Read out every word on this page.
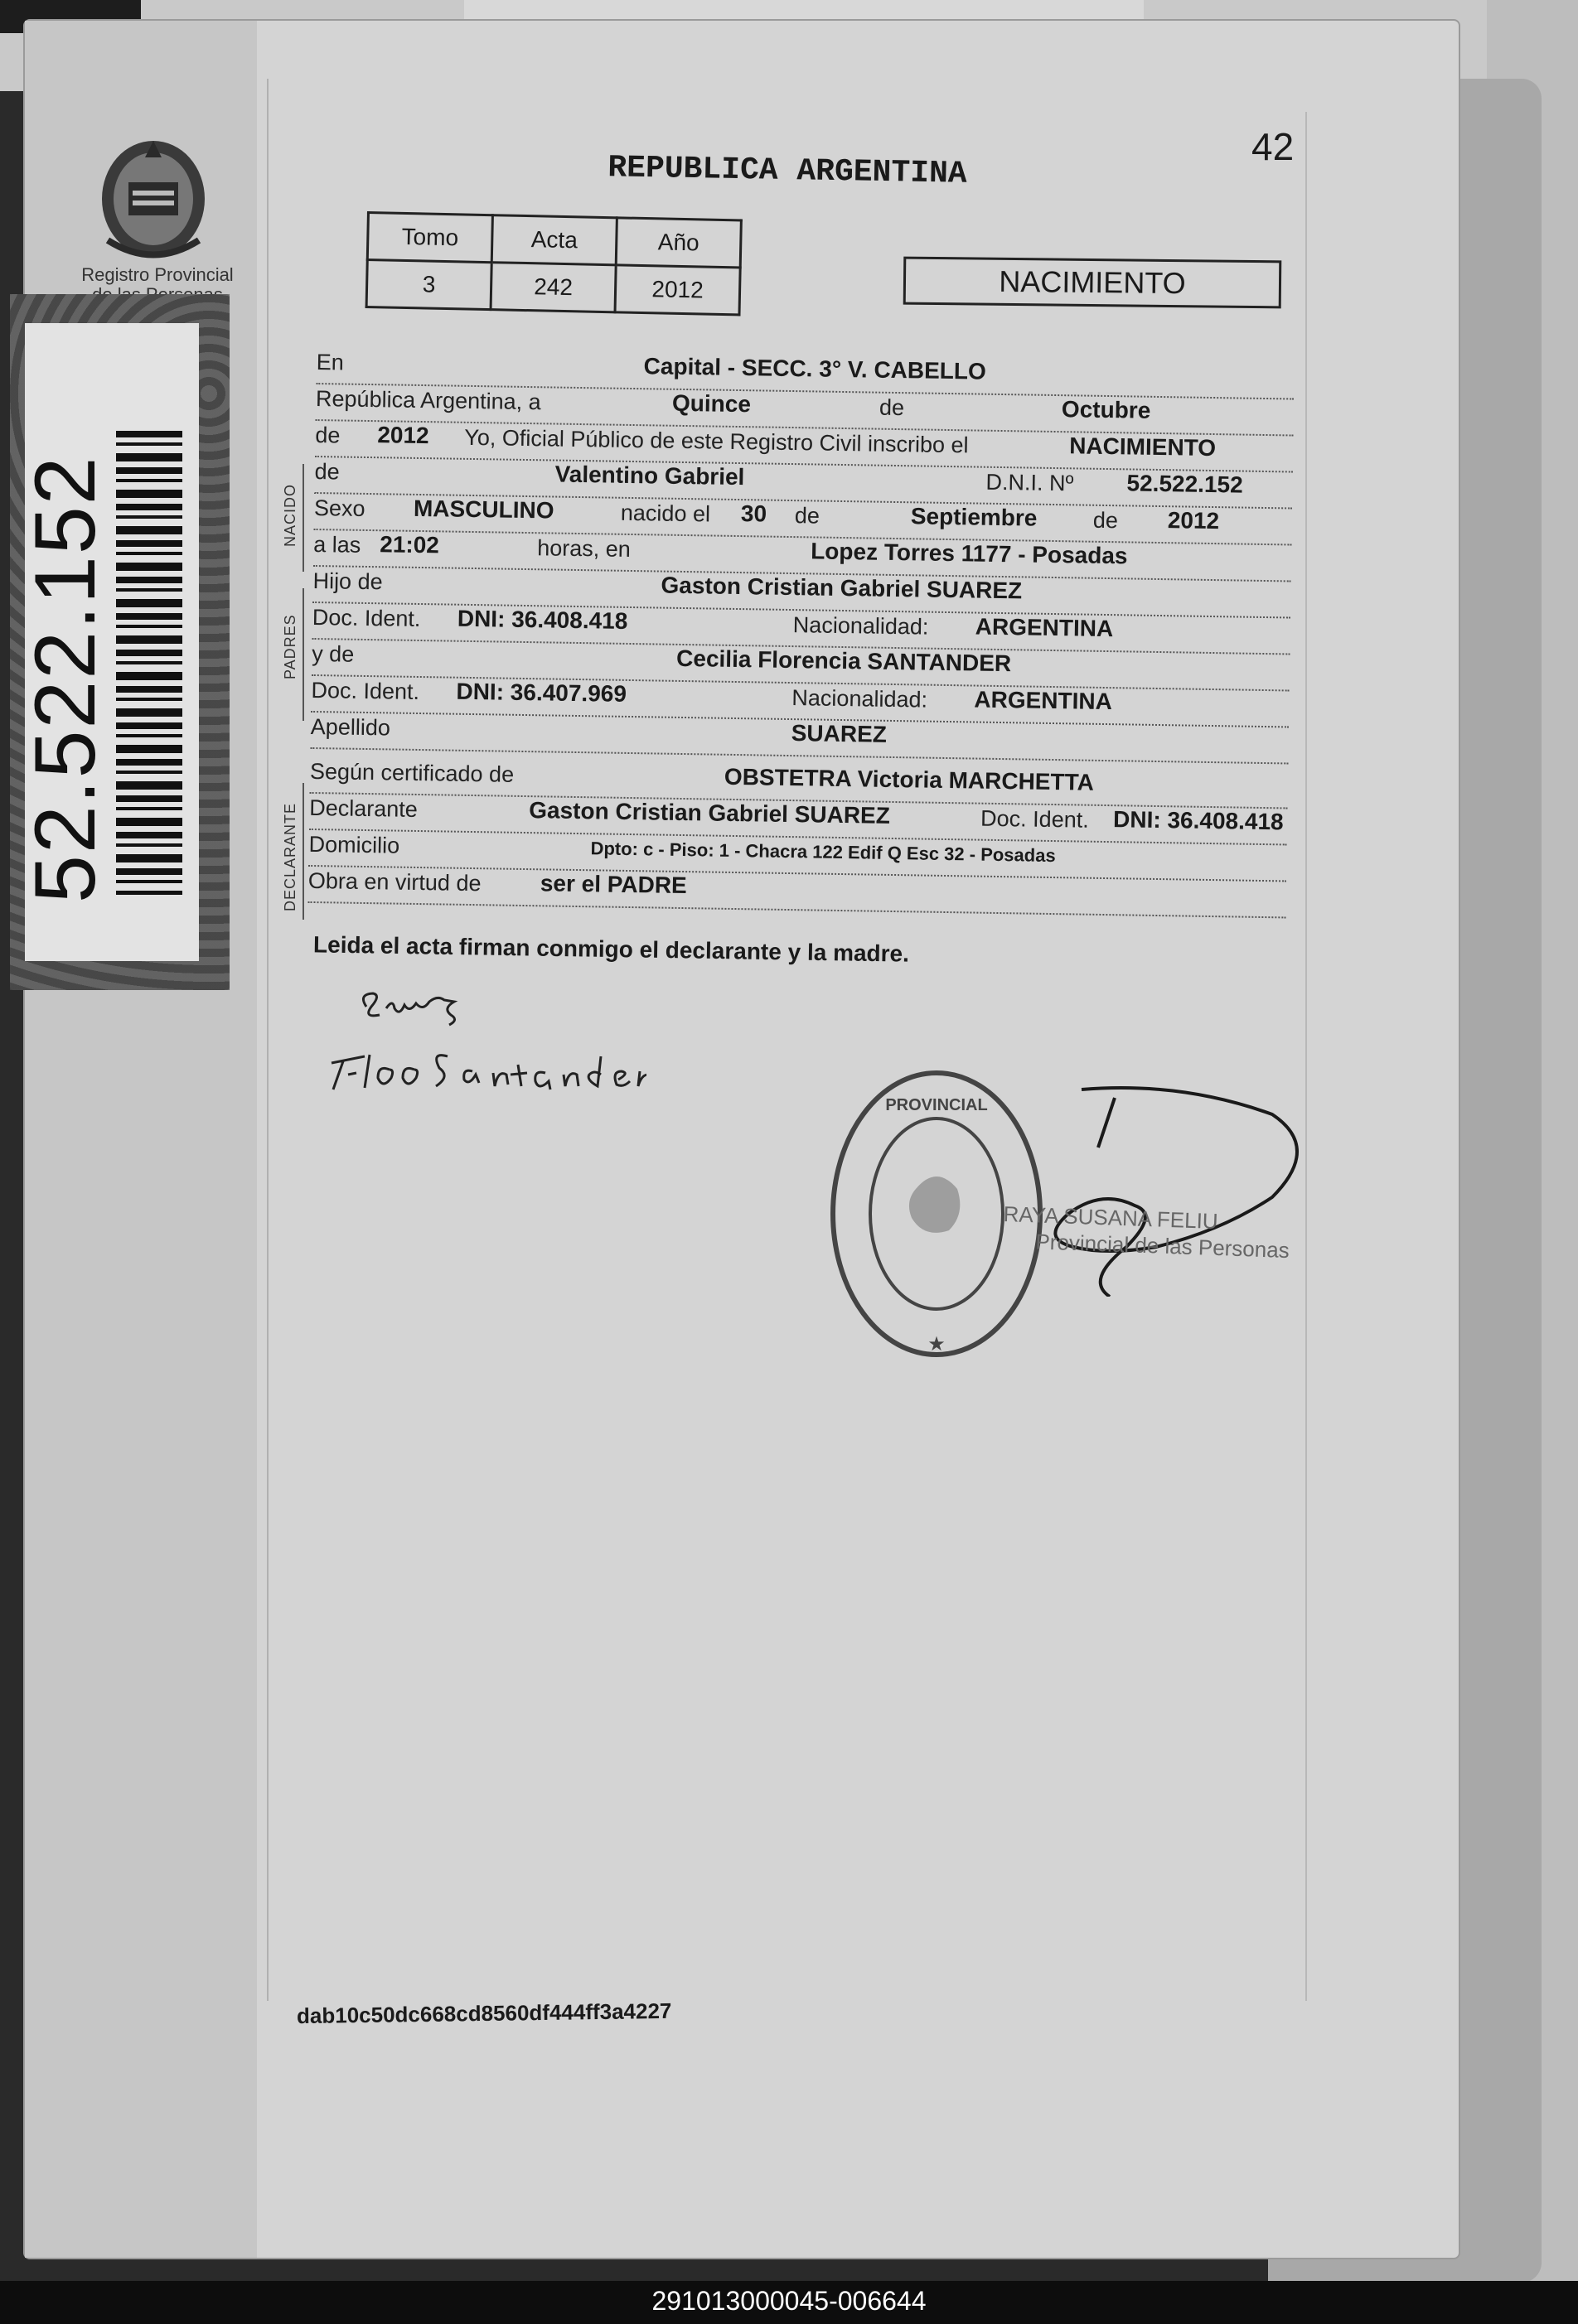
Registro Provincial
52.522.152
42
REPUBLICA ARGENTINA
Tomo	Acta	Año
3	242	2012	NACIMIENTO
NACIDO
PADRES
DECLARANTE
En	Capital - SECC. 3° V. CABELLO
República Argentina, a	Quince	de	Octubre
de 2012 Yo, Oficial Público de este Registro Civil inscribo el	NACIMIENTO
de	Valentino Gabriel	D.N.I. Nº 52.522.152
Sexo MASCULINO	nacido el 30 de	Septiembre de 2012
a las 21:02	horas, en	Lopez Torres 1177 - Posadas
Hijo de	Gaston Cristian Gabriel SUAREZ
Doc. Ident. DNI: 36.408.418	Nacionalidad: ARGENTINA
y de	Cecilia Florencia SANTANDER
Doc. Ident. DNI: 36.407.969	Nacionalidad: ARGENTINA
Apellido	SUAREZ
Según certificado de	OBSTETRA Victoria MARCHETTA
Declarante	Gaston Cristian Gabriel SUAREZ	Doc. Ident. DNI: 36.408.418
Domicilio	Dpto: c - Piso: 1 - Chacra 122 Edif Q Esc 32 - Posadas
Obra en virtud de	ser el PADRE
Leida el acta firman conmigo el declarante y la madre.
PROVINCIAL
★
RAYA SUSANA FELIU
Provincial de las Personas
dab10c50dc668cd8560df444ff3a4227
291013000045-006644
